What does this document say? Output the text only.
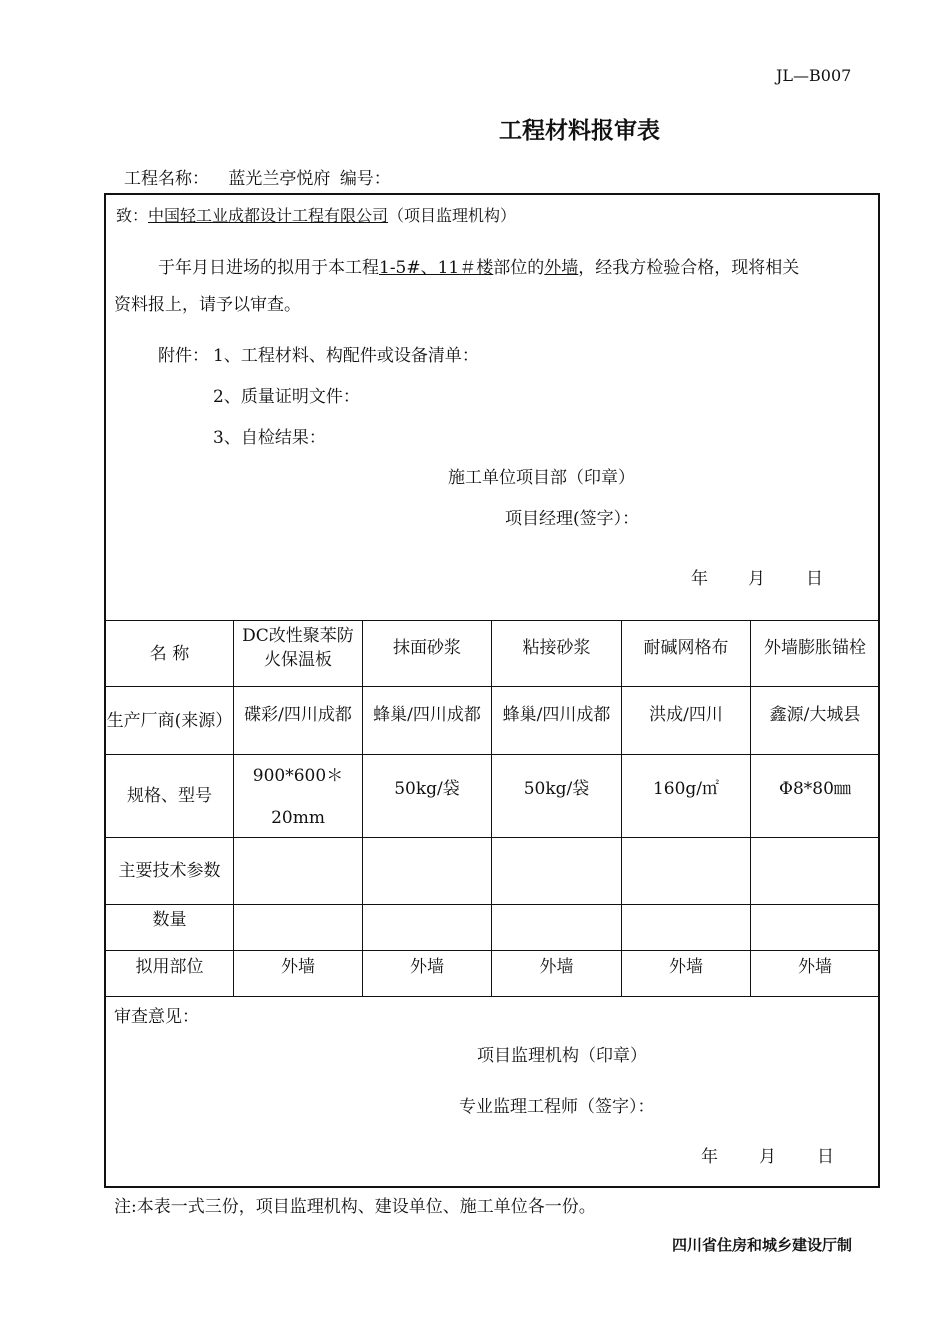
JL—B007
工程材料报审表
工程名称： 蓝光兰亭悦府 编号：
致：中国轻工业成都设计工程有限公司（项目监理机构）
于年月日进场的拟用于本工程1-5#、11＃楼部位的外墙，经我方检验合格，现将相关
资料报上，请予以审查。
附件： 1、工程材料、构配件或设备清单：
2、质量证明文件：
3、自检结果：
施工单位项目部（印章）
项目经理(签字）：
年 月 日
名 称
生产厂商(来源）
规格、型号
主要技术参数
数量
拟用部位
DC改性聚苯防火保温板
碟彩/四川成都
900*600＊20mm
外墙
抹面砂浆
蜂巢/四川成都
50kg/袋
外墙
粘接砂浆
蜂巢/四川成都
50kg/袋
外墙
耐碱网格布
洪成/四川
160g/㎡
外墙
外墙膨胀锚栓
鑫源/大城县
Φ8*80㎜
外墙
审查意见：
项目监理机构（印章）
专业监理工程师（签字）：
年 月 日
注:本表一式三份，项目监理机构、建设单位、施工单位各一份。
四川省住房和城乡建设厅制
